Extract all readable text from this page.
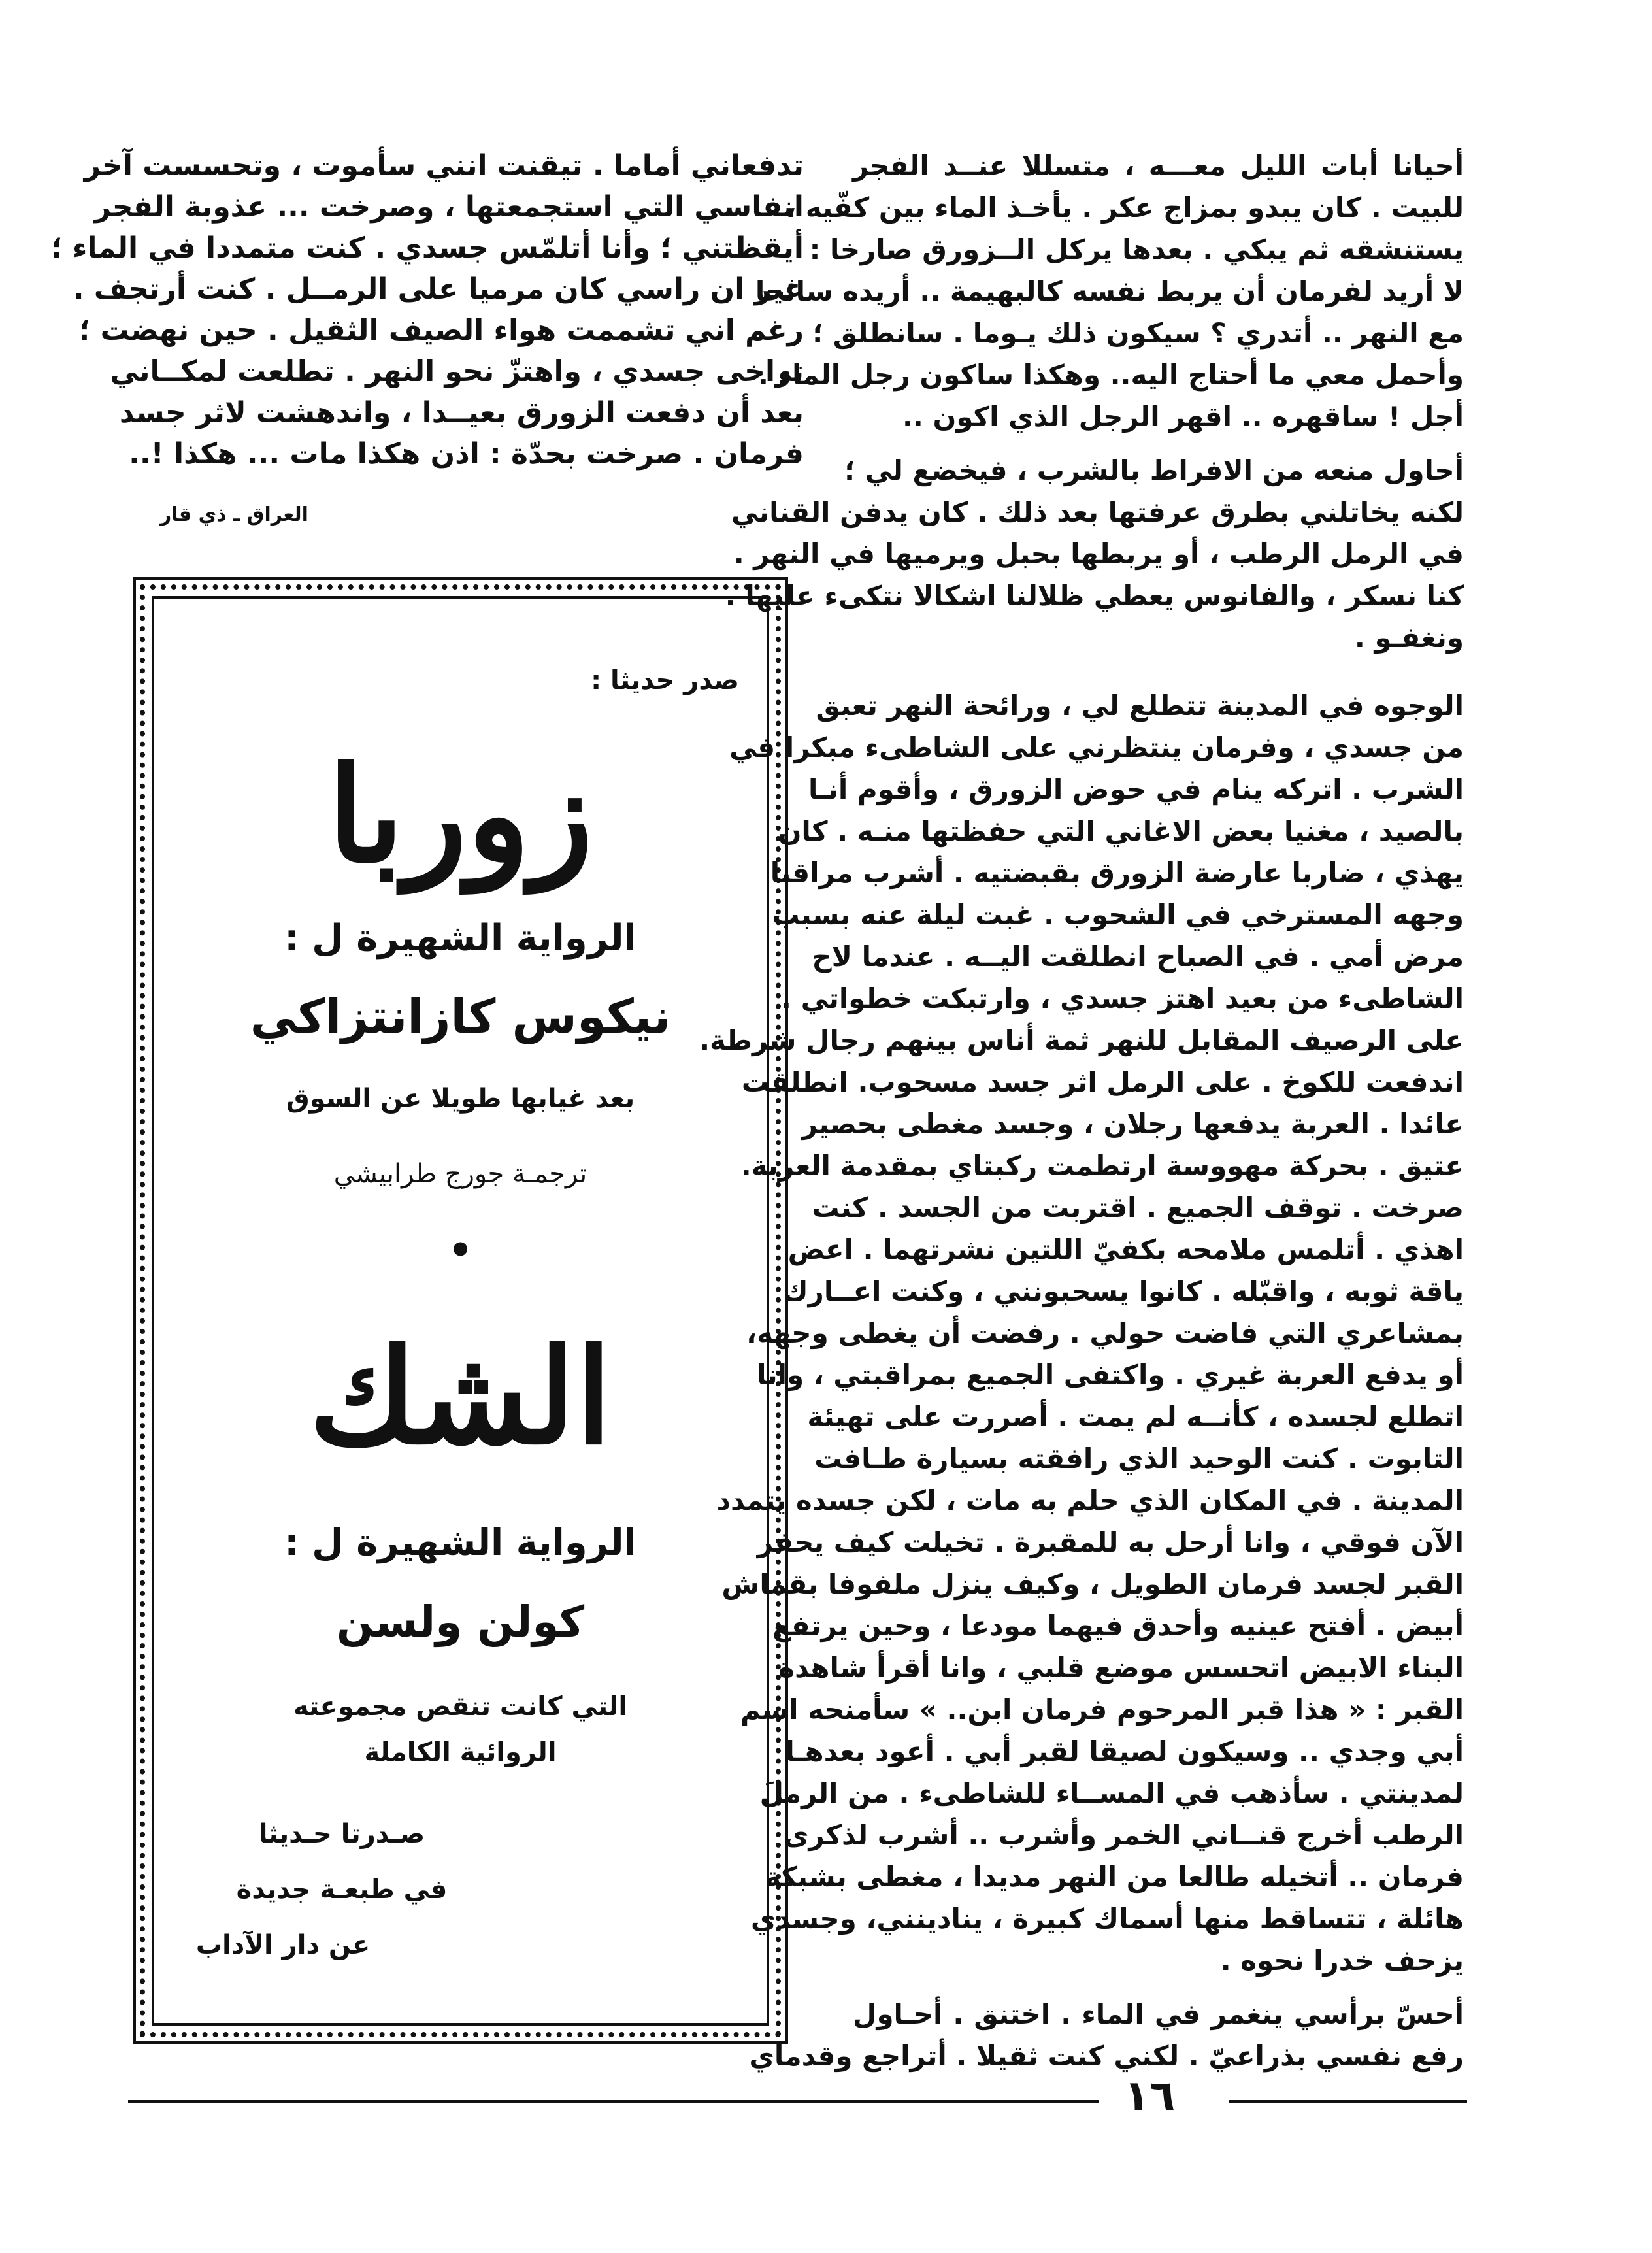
أحيانا أبات الليل معـــه ، متسللا عنــد الفجر
للبيت . كان يبدو بمزاج عكر . يأخـذ الماء بين كفّيه ،
يستنشقه ثم يبكي . بعدها يركل الــزورق صارخا :
لا أريد لفرمان أن يربط نفسه كالبهيمة .. أريده سائحا
مع النهر .. أتدري ؟ سيكون ذلك يـوما . سانطلق ؛
وأحمل معي ما أحتاج اليه.. وهكذا ساكون رجل الماء .
أجل ! ساقهره .. اقهر الرجل الذي اكون ..
أحاول منعه من الافراط بالشرب ، فيخضع لي ؛
لكنه يخاتلني بطرق عرفتها بعد ذلك . كان يدفن القناني
في الرمل الرطب ، أو يربطها بحبل ويرميها في النهر .
كنا نسكر ، والفانوس يعطي ظلالنا اشكالا نتكىء عليها .
ونغفـو .
الوجوه في المدينة تتطلع لي ، ورائحة النهر تعبق
من جسدي ، وفرمان ينتظرني على الشاطىء مبكرا في
الشرب . اتركه ينام في حوض الزورق ، وأقوم أنـا
بالصيد ، مغنيا بعض الاغاني التي حفظتها منـه . كان
يهذي ، ضاربا عارضة الزورق بقبضتيه . أشرب مراقبا
وجهه المسترخي في الشحوب . غبت ليلة عنه بسبب
مرض أمي . في الصباح انطلقت اليــه . عندما لاح
الشاطىء من بعيد اهتز جسدي ، وارتبكت خطواتي .
على الرصيف المقابل للنهر ثمة أناس بينهم رجال شرطة.
اندفعت للكوخ . على الرمل اثر جسد مسحوب. انطلقت
عائدا . العربة يدفعها رجلان ، وجسد مغطى بحصير
عتيق . بحركة مهووسة ارتطمت ركبتاي بمقدمة العربة.
صرخت . توقف الجميع . اقتربت من الجسد . كنت
اهذي . أتلمس ملامحه بكفيّ اللتين نشرتهما . اعض
ياقة ثوبه ، واقبّله . كانوا يسحبونني ، وكنت اعــارك
بمشاعري التي فاضت حولي . رفضت أن يغطى وجهه،
أو يدفع العربة غيري . واكتفى الجميع بمراقبتي ، وانا
اتطلع لجسده ، كأنــه لم يمت . أصررت على تهيئة
التابوت . كنت الوحيد الذي رافقته بسيارة طـافت
المدينة . في المكان الذي حلم به مات ، لكن جسده يتمدد
الآن فوقي ، وانا أرحل به للمقبرة . تخيلت كيف يحفر
القبر لجسد فرمان الطويل ، وكيف ينزل ملفوفا بقماش
أبيض . أفتح عينيه وأحدق فيهما مودعا ، وحين يرتفع
البناء الابيض اتحسس موضع قلبي ، وانا أقرأ شاهدة
القبر : « هذا قبر المرحوم فرمان ابن.. » سأمنحه اسم
أبي وجدي .. وسيكون لصيقا لقبر أبي . أعود بعدهـا
لمدينتي . سأذهب في المســاء للشاطىء . من الرملَ
الرطب أخرج قنــاني الخمر وأشرب .. أشرب لذكرى
فرمان .. أتخيله طالعا من النهر مديدا ، مغطى بشبكة
هائلة ، تتساقط منها أسماك كبيرة ، ينادينني، وجسدي
يزحف خدرا نحوه .
أحسّ برأسي ينغمر في الماء . اختنق . أحـاول
رفع نفسي بذراعيّ . لكني كنت ثقيلا . أتراجع وقدماي
تدفعاني أماما . تيقنت انني سأموت ، وتحسست آخر
انفاسي التي استجمعتها ، وصرخت ... عذوبة الفجر
أيقظتني ؛ وأنا أتلمّس جسدي . كنت متمددا في الماء ؛
غير ان راسي كان مرميا على الرمــل . كنت أرتجف .
رغم اني تشممت هواء الصيف الثقيل . حين نهضت ؛
تراخى جسدي ، واهتزّ نحو النهر . تطلعت لمكــاني
بعد أن دفعت الزورق بعيــدا ، واندهشت لاثر جسد
فرمان . صرخت بحدّة : اذن هكذا مات ... هكذا !..
العراق ـ ذي قار
صدر حديثا :
زوربا
الرواية الشهيرة ل :
نيكوس كازانتزاكي
بعد غيابها طويلا عن السوق
ترجمـة جورج طرابيشي
•
الشك
الرواية الشهيرة ل :
كولن ولسن
التي كانت تنقص مجموعته
الروائية الكاملة
صـدرتا حـديثا
في طبعـة جديدة
عن دار الآداب
١٦
